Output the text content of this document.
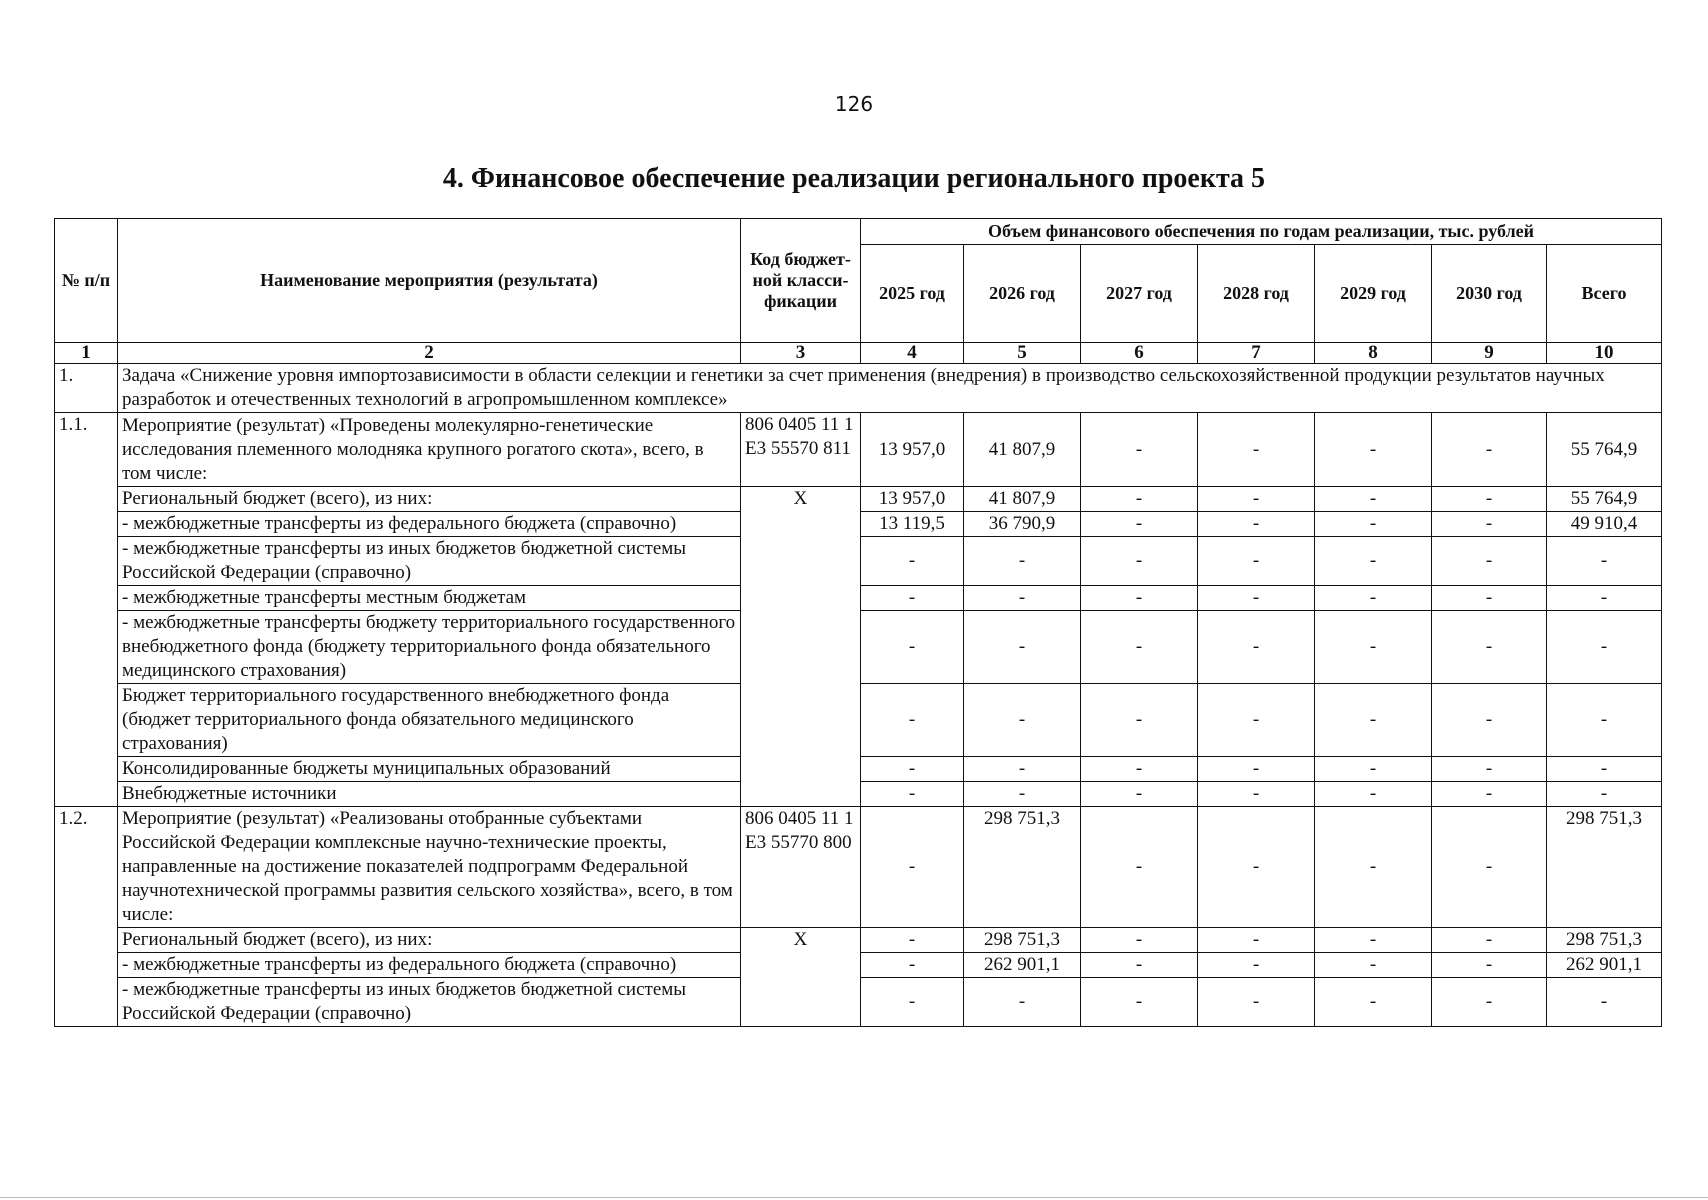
126
4. Финансовое обеспечение реализации регионального проекта 5
№ п/п	Наименование мероприятия (результата)	Код бюджет-ной класси-фикации	Объем финансового обеспечения по годам реализации, тыс. рублей						
			2025 год	2026 год	2027 год	2028 год	2029 год	2030 год	Всего
1	2	3	4	5	6	7	8	9	10
1.	Задача «Снижение уровня импортозависимости в области селекции и генетики за счет применения (внедрения) в производство сельскохозяйственной продукции результатов научных разработок и отечественных технологий в агропромышленном комплексе»								
1.1.	Мероприятие (результат) «Проведены молекулярно-генетические исследования племенного молодняка крупного рогатого скота», всего, в том числе:	806 0405 11 1 Е3 55570 811	13 957,0	41 807,9	-	-	-	-	55 764,9
	Региональный бюджет (всего), из них:	Х	13 957,0	41 807,9	-	-	-	-	55 764,9
	- межбюджетные трансферты из федерального бюджета (справочно)		13 119,5	36 790,9	-	-	-	-	49 910,4
	- межбюджетные трансферты из иных бюджетов бюджетной системы Российской Федерации (справочно)		-	-	-	-	-	-	-
	- межбюджетные трансферты местным бюджетам		-	-	-	-	-	-	-
	- межбюджетные трансферты бюджету территориального государственного внебюджетного фонда (бюджету территориального фонда обязательного медицинского страхования)		-	-	-	-	-	-	-
	Бюджет территориального государственного внебюджетного фонда (бюджет территориального фонда обязательного медицинского страхования)		-	-	-	-	-	-	-
	Консолидированные бюджеты муниципальных образований		-	-	-	-	-	-	-
	Внебюджетные источники		-	-	-	-	-	-	-
1.2.	Мероприятие (результат) «Реализованы отобранные субъектами Российской Федерации комплексные научно-технические проекты, направленные на достижение показателей подпрограмм Федеральной научнотехнической программы развития сельского хозяйства», всего, в том числе:	806 0405 11 1 Е3 55770 800	-	298 751,3	-	-	-	-	298 751,3
	Региональный бюджет (всего), из них:	Х	-	298 751,3	-	-	-	-	298 751,3
	- межбюджетные трансферты из федерального бюджета (справочно)		-	262 901,1	-	-	-	-	262 901,1
	- межбюджетные трансферты из иных бюджетов бюджетной системы Российской Федерации (справочно)		-	-	-	-	-	-	-
